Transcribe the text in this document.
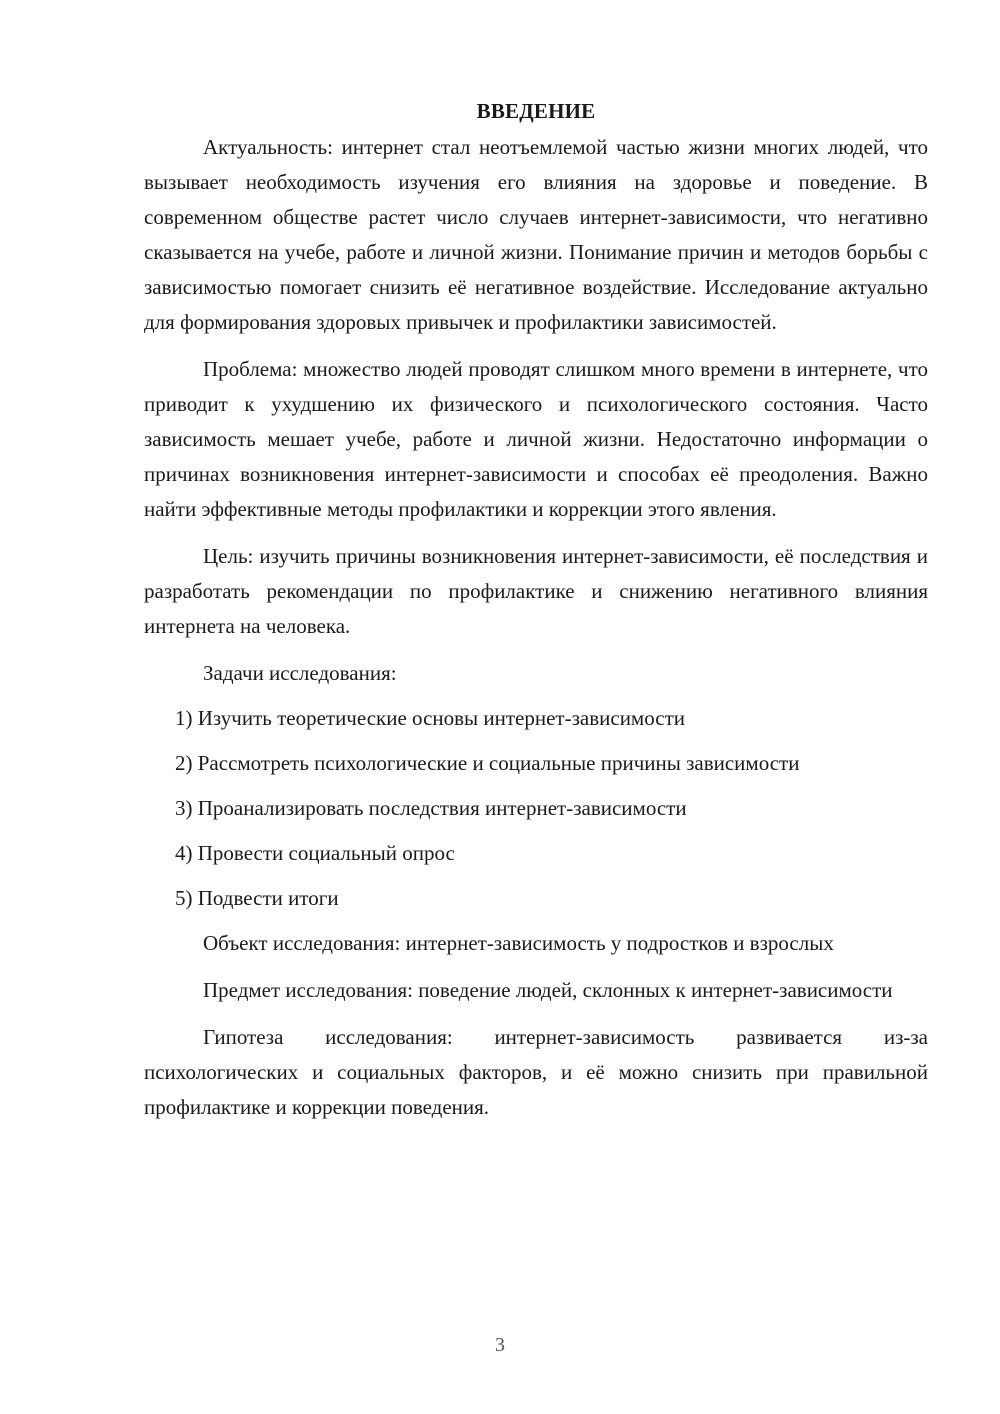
ВВЕДЕНИЕ

Актуальность: интернет стал неотъемлемой частью жизни многих людей, что вызывает необходимость изучения его влияния на здоровье и поведение. В современном обществе растет число случаев интернет-зависимости, что негативно сказывается на учебе, работе и личной жизни. Понимание причин и методов борьбы с зависимостью помогает снизить её негативное воздействие. Исследование актуально для формирования здоровых привычек и профилактики зависимостей.

Проблема: множество людей проводят слишком много времени в интернете, что приводит к ухудшению их физического и психологического состояния. Часто зависимость мешает учебе, работе и личной жизни. Недостаточно информации о причинах возникновения интернет-зависимости и способах её преодоления. Важно найти эффективные методы профилактики и коррекции этого явления.

Цель: изучить причины возникновения интернет-зависимости, её последствия и разработать рекомендации по профилактике и снижению негативного влияния интернета на человека.

Задачи исследования:

1) Изучить теоретические основы интернет-зависимости
2) Рассмотреть психологические и социальные причины зависимости
3) Проанализировать последствия интернет-зависимости
4) Провести социальный опрос
5) Подвести итоги

Объект исследования: интернет-зависимость у подростков и взрослых

Предмет исследования: поведение людей, склонных к интернет-зависимости

Гипотеза исследования: интернет-зависимость развивается из-за психологических и социальных факторов, и её можно снизить при правильной профилактике и коррекции поведения.

3
